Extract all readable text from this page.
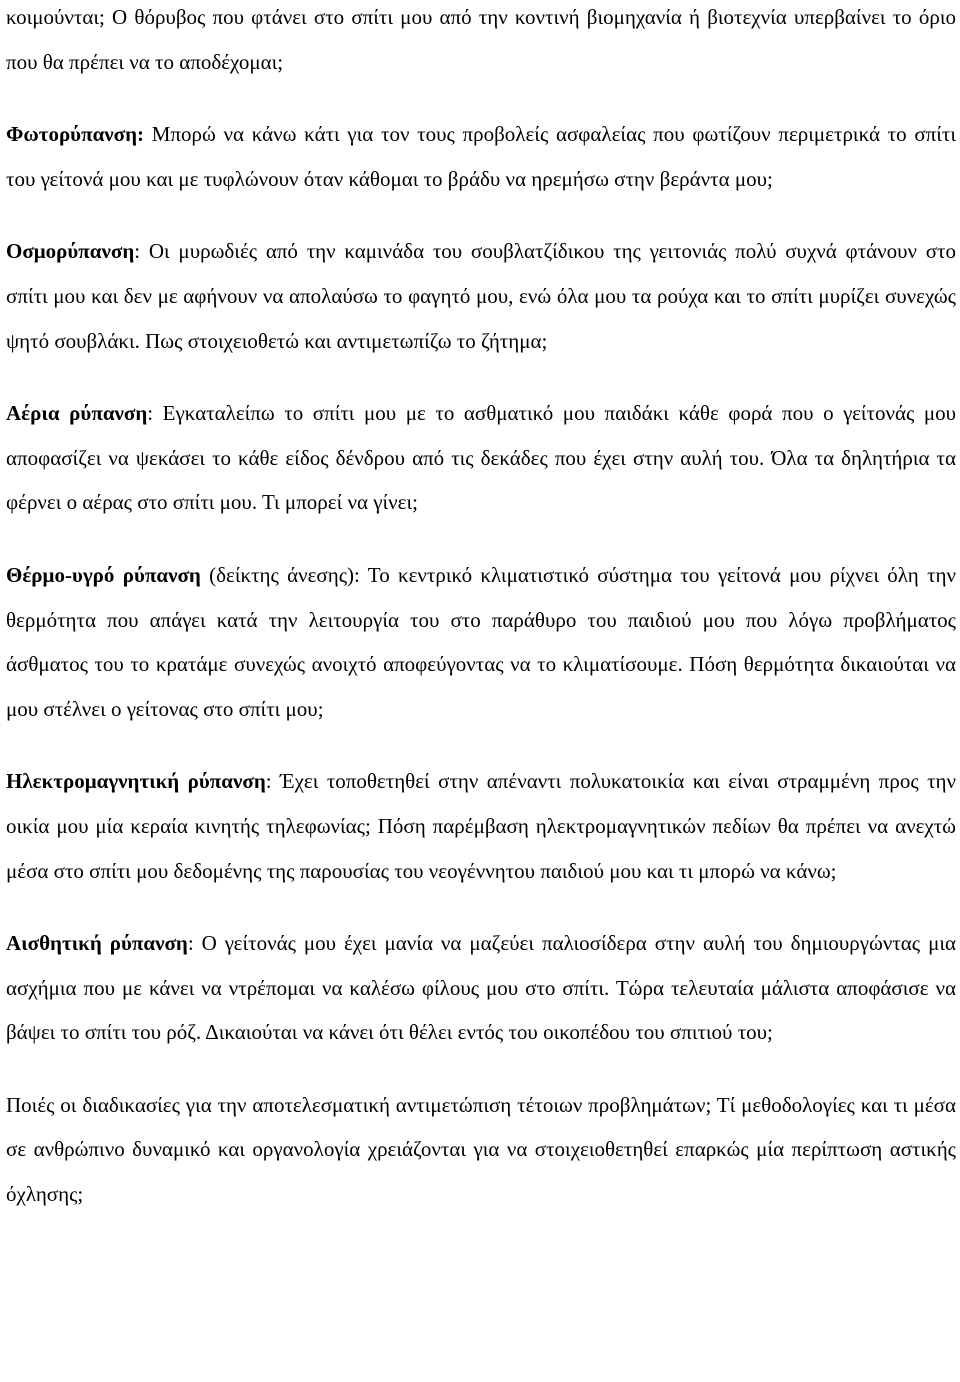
κοιμούνται; Ο θόρυβος που φτάνει στο σπίτι μου από την κοντινή βιομηχανία ή βιοτεχνία υπερβαίνει το όριο που θα πρέπει να το αποδέχομαι;

Φωτορύπανση: Μπορώ να κάνω κάτι για τον τους προβολείς ασφαλείας που φωτίζουν περιμετρικά το σπίτι του γείτονά μου και με τυφλώνουν όταν κάθομαι το βράδυ να ηρεμήσω στην βεράντα μου;

Οσμορύπανση: Οι μυρωδιές από την καμινάδα του σουβλατζίδικου της γειτονιάς πολύ συχνά φτάνουν στο σπίτι μου και δεν με αφήνουν να απολαύσω το φαγητό μου, ενώ όλα μου τα ρούχα και το σπίτι μυρίζει συνεχώς ψητό σουβλάκι. Πως στοιχειοθετώ και αντιμετωπίζω το ζήτημα;

Αέρια ρύπανση: Εγκαταλείπω το σπίτι μου με το ασθματικό μου παιδάκι κάθε φορά που ο γείτονάς μου αποφασίζει να ψεκάσει το κάθε είδος δένδρου από τις δεκάδες που έχει στην αυλή του. Όλα τα δηλητήρια τα φέρνει ο αέρας στο σπίτι μου. Τι μπορεί να γίνει;

Θέρμο-υγρό ρύπανση (δείκτης άνεσης): Το κεντρικό κλιματιστικό σύστημα του γείτονά μου ρίχνει όλη την θερμότητα που απάγει κατά την λειτουργία του στο παράθυρο του παιδιού μου που λόγω προβλήματος άσθματος του το κρατάμε συνεχώς ανοιχτό αποφεύγοντας να το κλιματίσουμε. Πόση θερμότητα δικαιούται να μου στέλνει ο γείτονας στο σπίτι μου;

Ηλεκτρομαγνητική ρύπανση: Έχει τοποθετηθεί στην απέναντι πολυκατοικία και είναι στραμμένη προς την οικία μου μία κεραία κινητής τηλεφωνίας; Πόση παρέμβαση ηλεκτρομαγνητικών πεδίων θα πρέπει να ανεχτώ μέσα στο σπίτι μου δεδομένης της παρουσίας του νεογέννητου παιδιού μου και τι μπορώ να κάνω;

Αισθητική ρύπανση: Ο γείτονάς μου έχει μανία να μαζεύει παλιοσίδερα στην αυλή του δημιουργώντας μια ασχήμια που με κάνει να ντρέπομαι να καλέσω φίλους μου στο σπίτι. Τώρα τελευταία μάλιστα αποφάσισε να βάψει το σπίτι του ρόζ. Δικαιούται να κάνει ότι θέλει εντός του οικοπέδου του σπιτιού του;

Ποιές οι διαδικασίες για την αποτελεσματική αντιμετώπιση τέτοιων προβλημάτων; Τί μεθοδολογίες και τι μέσα σε ανθρώπινο δυναμικό και οργανολογία χρειάζονται για να στοιχειοθετηθεί επαρκώς μία περίπτωση αστικής όχλησης;
